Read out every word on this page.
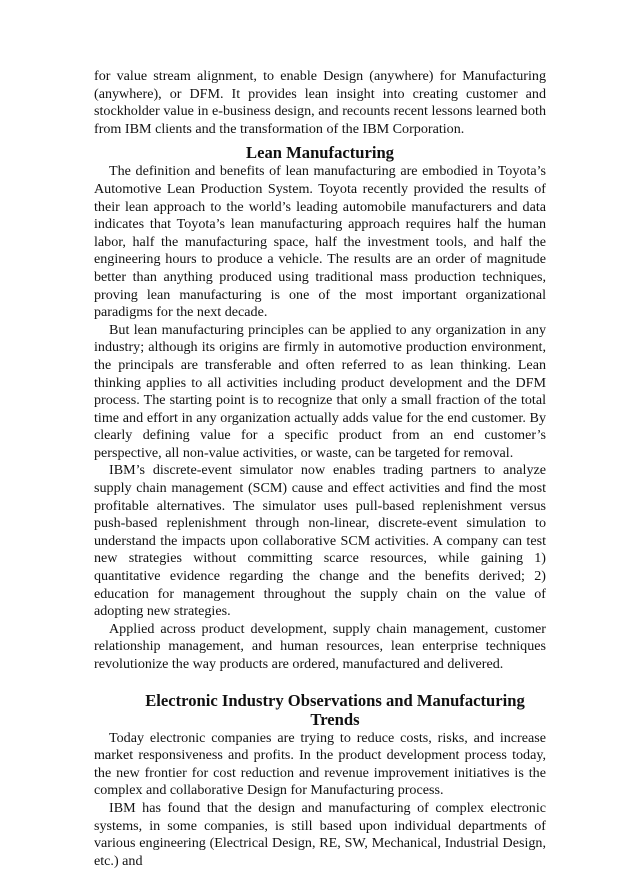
for value stream alignment, to enable Design (anywhere) for Manufacturing (anywhere), or DFM. It provides lean insight into creating customer and stockholder value in e-business design, and recounts recent lessons learned both from IBM clients and the transformation of the IBM Corporation.

Lean Manufacturing

The definition and benefits of lean manufacturing are embodied in Toyota’s Automotive Lean Production System. Toyota recently provided the results of their lean approach to the world’s leading automobile manufacturers and data indicates that Toyota’s lean manufacturing approach requires half the human labor, half the manufacturing space, half the investment tools, and half the engineering hours to produce a vehicle. The results are an order of magnitude better than anything produced using traditional mass production techniques, proving lean manufacturing is one of the most important organizational paradigms for the next decade.

But lean manufacturing principles can be applied to any organization in any industry; although its origins are firmly in automotive production environment, the principals are transferable and often referred to as lean thinking. Lean thinking applies to all activities including product development and the DFM process. The starting point is to recognize that only a small fraction of the total time and effort in any organization actually adds value for the end customer. By clearly defining value for a specific product from an end customer’s perspective, all non-value activities, or waste, can be targeted for removal.

IBM’s discrete-event simulator now enables trading partners to analyze supply chain management (SCM) cause and effect activities and find the most profitable alternatives. The simulator uses pull-based replenishment versus push-based replenishment through non-linear, discrete-event simulation to understand the impacts upon collaborative SCM activities. A company can test new strategies without committing scarce resources, while gaining 1) quantitative evidence regarding the change and the benefits derived; 2) education for management throughout the supply chain on the value of adopting new strategies.

Applied across product development, supply chain management, customer relationship management, and human resources, lean enterprise techniques revolutionize the way products are ordered, manufactured and delivered.

Electronic Industry Observations and Manufacturing Trends

Today electronic companies are trying to reduce costs, risks, and increase market responsiveness and profits. In the product development process today, the new frontier for cost reduction and revenue improvement initiatives is the complex and collaborative Design for Manufacturing process.

IBM has found that the design and manufacturing of complex electronic systems, in some companies, is still based upon individual departments of various engineering (Electrical Design, RE, SW, Mechanical, Industrial Design, etc.) and
